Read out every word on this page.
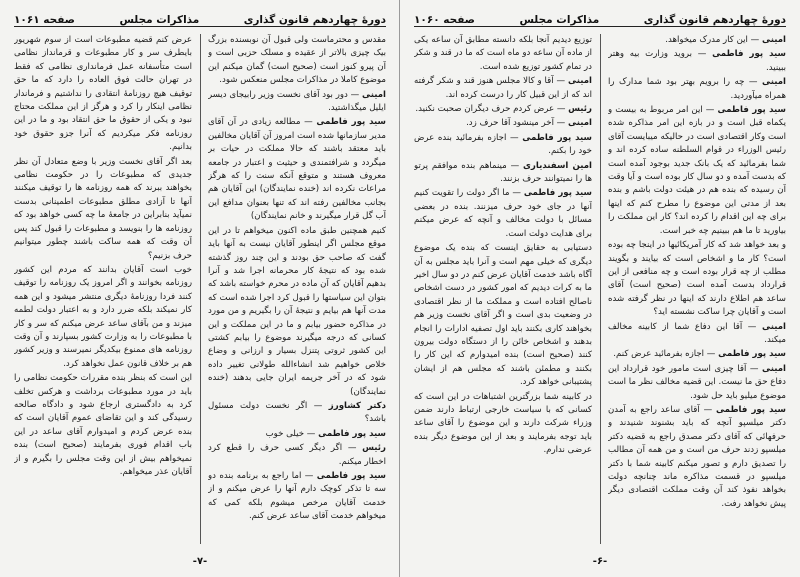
دورهٔ چهاردهم قانون گذاری
مذاکرات مجلس
صفحه ۱۰۶۱

مقدس و محترماست ولی قبول آن نوبسنده بزرگ بیک چیزی بالاتر از عقیده و مسلک حزبی است و آن پیرو کنوز است (صحیح است) گمان میکنم این موضوع کاملا در مذاکرات مجلس منعکس شود.

امینی — دور بود آقای نخست وزیر رابیجای دیسر ایلیل میگذاشتید.

سید پور فاطمی — مطالعه زیادی در آن آقای مدیر سازمانها شده است امروز آن آقایان مخالفین باید معتقد باشند که حالا مملکت در حیات بر میگردد و شرافتمندی و حیثیت و اعتبار در جامعه معروف هستند و متوقع آنکه سنت را که هرگز مراعات نکرده اند (خنده نمایندگان) این آقایان هم بجانب مخالفین رفته اند که تنها بعنوان مدافع این آب گل قرار میگیرند و خانم نمایندگان)

کنیم همچنین طبق ماده اکنون میخواهم تا در این موقع مجلس اگر اینطور آقایان نیست به آنها باید گفت که صاحب حق بودند و این چند روز گذشته شده بود که نتیجهٔ کار محرمانه اجرا شد و آنرا بدهیم آقایان که آن ماده در محرم خواسته باشد که بتوان این سیاستها را قبول کرد اجرا شده است که مدت آنها هم بیایم و نتیجهٔ آن را بگیریم و من مورد در مذاکره حضور بیابم و ما در این مملکت و این کسانی که درجه میگیرند موضوع را بیابم کشتی این کشور ثروتی پتنزل بسیار و ارزانی و وضاع خلاص خواهیم شد انشاءالله طولانی تغییر داده شود که در آخر جریمه ایران جایی بدهند (خنده نمایندگان)

دکتر کشاورز — اگر نخست دولت مسئول باشد؟

سید پور فاطمی — خیلی خوب

رئیس — اگر دیگر کسی حرف را قطع کرد اخطار میکنم.

سید پور فاطمی — اما راجع به برنامه بنده دو سه تا تذکر کوچک دارم آنها را عرض میکنم و از خدمت آقایان مرخص میشوم بلکه کمی که میخواهم خدمت آقای ساعد عرض کنم.

عرض کنم قضیه مطبوعات است از سوم شهریور بایطرف سر و کار مطبوعات و قرمانداز نظامی است متأسفانه عمل فرمانداری نظامی که فقط در تهران حالت فوق العاده را دارد که ما حق توقیف هیچ روزنامهٔ انتقادی را نداشتیم و فرماندار نظامی اینکار را کرد و هرگز از این مملکت محتاج نبود و یکی از حقوق ما حق انتقاد بود و ما در این روزنامه فکر میکردیم که آنرا جزو حقوق خود بدانیم.

بعد اگر آقای نخست وزیر با وضع متعادل آن نظر جدیدی که مطبوعات را در حکومت نظامی بخواهند ببرند که همه روزنامه ها را توقیف میکنند آنها تا آزادی مطلق مطبوعات اطمینانی بدست نمیآید بنابراین در جامعهٔ ما چه کسی خواهد بود که روزنامه ها را بنویسد و مطبوعات را قبول کند پس آن وقت که همه ساکت باشند چطور میتوانیم حرف بزنیم؟

خوب است آقایان بدانند که مردم این کشور روزنامه بخوانند و اگر امروز یک روزنامه را توقیف کنند فردا روزنامهٔ دیگری منتشر میشود و این همه کار نمیکند بلکه ضرر دارد و به اعتبار دولت لطمه میزند و من بآقای ساعد عرض میکنم که سر و کار با مطبوعات را به وزارت کشور بسپارند و آن وقت روزنامه های ممنوع بیکدیگر نمیرسند و وزیر کشور هم بر خلاف قانون عمل نخواهد کرد.

این است که بنظر بنده مقررات حکومت نظامی را باید در مورد مطبوعات برداشت و هرکس تخلف کرد به دادگستری ارجاع شود و دادگاه صالحه رسیدگی کند و این تقاضای عموم آقایان است که بنده عرض کردم و امیدوارم آقای ساعد در این باب اقدام فوری بفرمایند (صحیح است) بنده نمیخواهم بیش از این وقت مجلس را بگیرم و از آقایان عذر میخواهم.

-۷-
دورهٔ چهاردهم قانون گذاری
مذاکرات مجلس
صفحه ۱۰۶۰

امینی — این کار مدرک میخواهد.

سید پور فاطمی — بروید وزارت بیه وهتر ببینید.

امینی — چه را برویم بهتر بود شما مدارک را همراه میآوردید.

سید پور فاطمی — این امر مربوط به بیست و یکماه قبل است و در بازه این امر مذاکره شده است وکار اقتصادی است در حالیکه میبایست آقای رئیس الوزراء در قوام السلطنه ساده کرده اند و شما بفرمائید که یک بانک جدید بوجود آمده است که بدست آمده و دو سال کار بوده است و آیا وقت آن رسیده که بنده هم در هیئت دولت باشم و بنده بعد از مدتی این موضوع را مطرح کنم که اینها برای چه این اقدام را کرده اند؟ کار این مملکت را بیاورید تا ما هم ببینیم چه خبر است.

و بعد خواهد شد که کار آمریکائیها در اینجا چه بوده است؟ کار ما و اشخاص است که بیایند و بگویند مطلب از چه قرار بوده است و چه منافعی از این قرارداد بدست آمده است (صحیح است) آقای ساعد هم اطلاع دارند که اینها در نظر گرفته شده است و آقایان چرا ساکت نشسته اید؟

امینی — آقا این دفاع شما از کابینه مخالف میکند.

سید پور فاطمی — اجازه بفرمائید عرض کنم.

امینی — آقا چیزی است مامور خود قرارداد این دفاع حق ما نیست. این قضیه مخالف نظر ما است موضوع میلیو باید حل شود.

سید پور فاطمی — آقای ساعد راجع به آمدن دکتر میلسپو آنچه که باید بشنوند شنیدند و حرفهائی که آقای دکتر مصدق راجع به قضیه دکتر میلسپو زدند حرف من است و من همه آن مطالب را تصدیق دارم و تصور میکنم کابینه شما با دکتر میلسپو در قسمت مذاکره ماند چنانچه دولت بخواهد نفوذ کند آن وقت مملکت اقتصادی دیگر پیش نخواهد رفت.

توزیع دیدیم آنجا بلکه دانسته مطابق آن ساعه یکی از ماده آن ساعه دو ماه است که ما در قند و شکر در تمام کشور توزیع شده است.

امینی — آقا و کالا مجلس هنوز قند و شکر گرفته اند که از این قبیل کار را درست کرده اند.

رئیس — عرض کردم حرف دیگران صحبت نکنید.

امینی — آخر مینشود آقا حرف زد.

سید پور فاطمی — اجازه بفرمائید بنده عرض خود را بکنم.

امین اسفندیاری — مینماهم بنده موافقم پرتو ها را نمیتوانند حرف بزنند.

سید پور فاطمی — ما اگر دولت را تقویت کنیم آنها در جای خود حرف میزنند. بنده در بعضی مسائل با دولت مخالف و آنچه که عرض میکنم برای هدایت دولت است.

دستیابی به حقایق اینست که بنده یک موضوع دیگری که خیلی مهم است و آنرا باید مجلس به آن آگاه باشد خدمت آقایان عرض کنم در دو سال اخیر ما به کرات دیدیم که امور کشور در دست اشخاص ناصالح افتاده است و مملکت ما از نظر اقتصادی در وضعیت بدی است و اگر آقای نخست وزیر هم بخواهند کاری بکنند باید اول تصفیه ادارات را انجام بدهند و اشخاص خائن را از دستگاه دولت بیرون کنند (صحیح است) بنده امیدوارم که این کار را بکنند و مطمئن باشند که مجلس هم از ایشان پشتیبانی خواهد کرد.

در کابینه شما بزرگترین اشتباهات در این است که کسانی که با سیاست خارجی ارتباط دارند ضمن وزراء شرکت دارند و این موضوع را آقای ساعد باید توجه بفرمایند و بعد از این موضوع دیگر بنده عرضی ندارم.

-۶-
